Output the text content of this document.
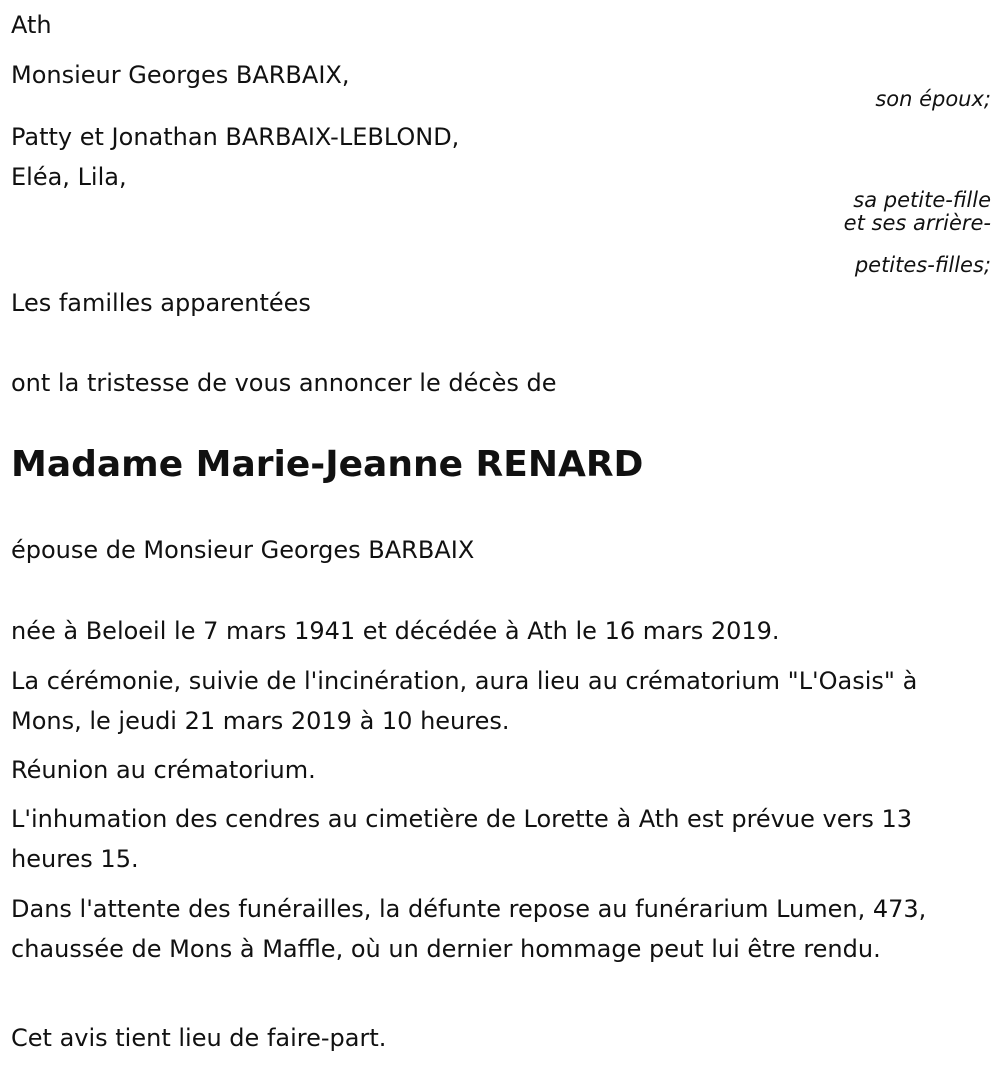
Ath

Monsieur Georges BARBAIX,

son époux;

Patty et Jonathan BARBAIX-LEBLOND,

Eléa, Lila,

sa petite-fille

et ses arrière-

petites-filles;

Les familles apparentées

ont la tristesse de vous annoncer le décès de

Madame Marie-Jeanne RENARD

épouse de Monsieur Georges BARBAIX

née à Beloeil le 7 mars 1941 et décédée à Ath le 16 mars 2019.

La cérémonie, suivie de l'incinération, aura lieu au crématorium "L'Oasis" à Mons, le jeudi 21 mars 2019 à 10 heures.

Réunion au crématorium.

L'inhumation des cendres au cimetière de Lorette à Ath est prévue vers 13 heures 15.

Dans l'attente des funérailles, la défunte repose au funérarium Lumen, 473, chaussée de Mons à Maffle, où un dernier hommage peut lui être rendu.

Cet avis tient lieu de faire-part.
